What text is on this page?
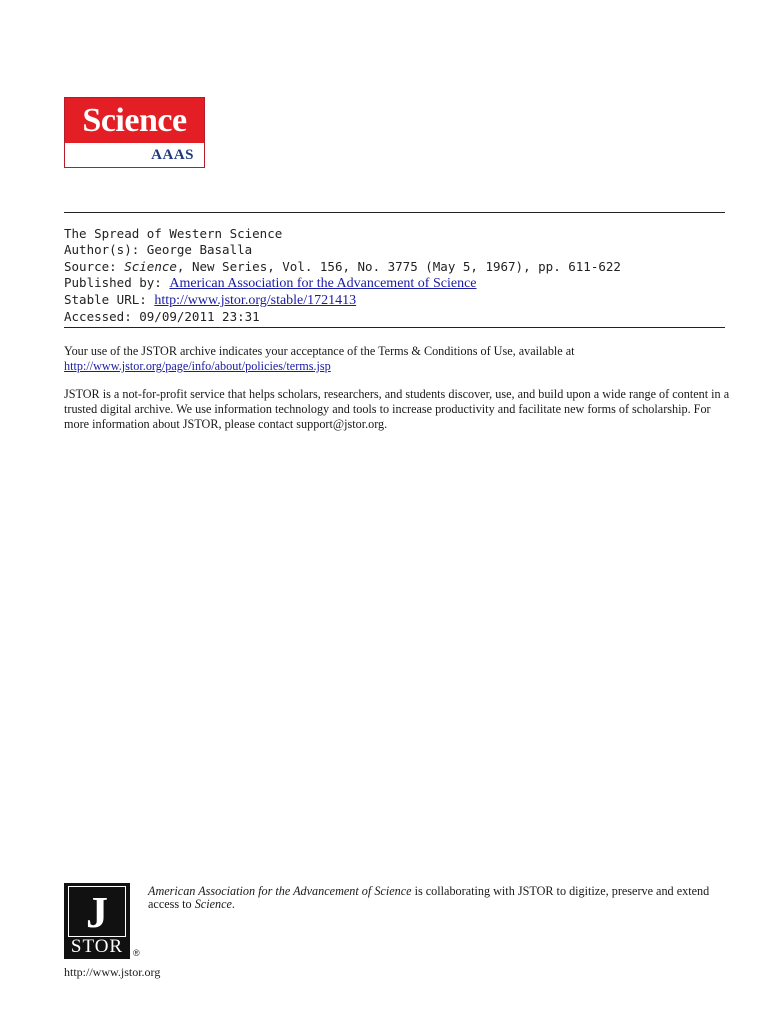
Science
AAAS
The Spread of Western Science
Author(s): George Basalla
Source: Science, New Series, Vol. 156, No. 3775 (May 5, 1967), pp. 611-622
Published by: American Association for the Advancement of Science
Stable URL: http://www.jstor.org/stable/1721413
Accessed: 09/09/2011 23:31
Your use of the JSTOR archive indicates your acceptance of the Terms & Conditions of Use, available at
http://www.jstor.org/page/info/about/policies/terms.jsp
JSTOR is a not-for-profit service that helps scholars, researchers, and students discover, use, and build upon a wide range of content in a trusted digital archive. We use information technology and tools to increase productivity and facilitate new forms of scholarship. For more information about JSTOR, please contact support@jstor.org.
J
STOR	®
American Association for the Advancement of Science is collaborating with JSTOR to digitize, preserve and extend access to Science.
http://www.jstor.org
